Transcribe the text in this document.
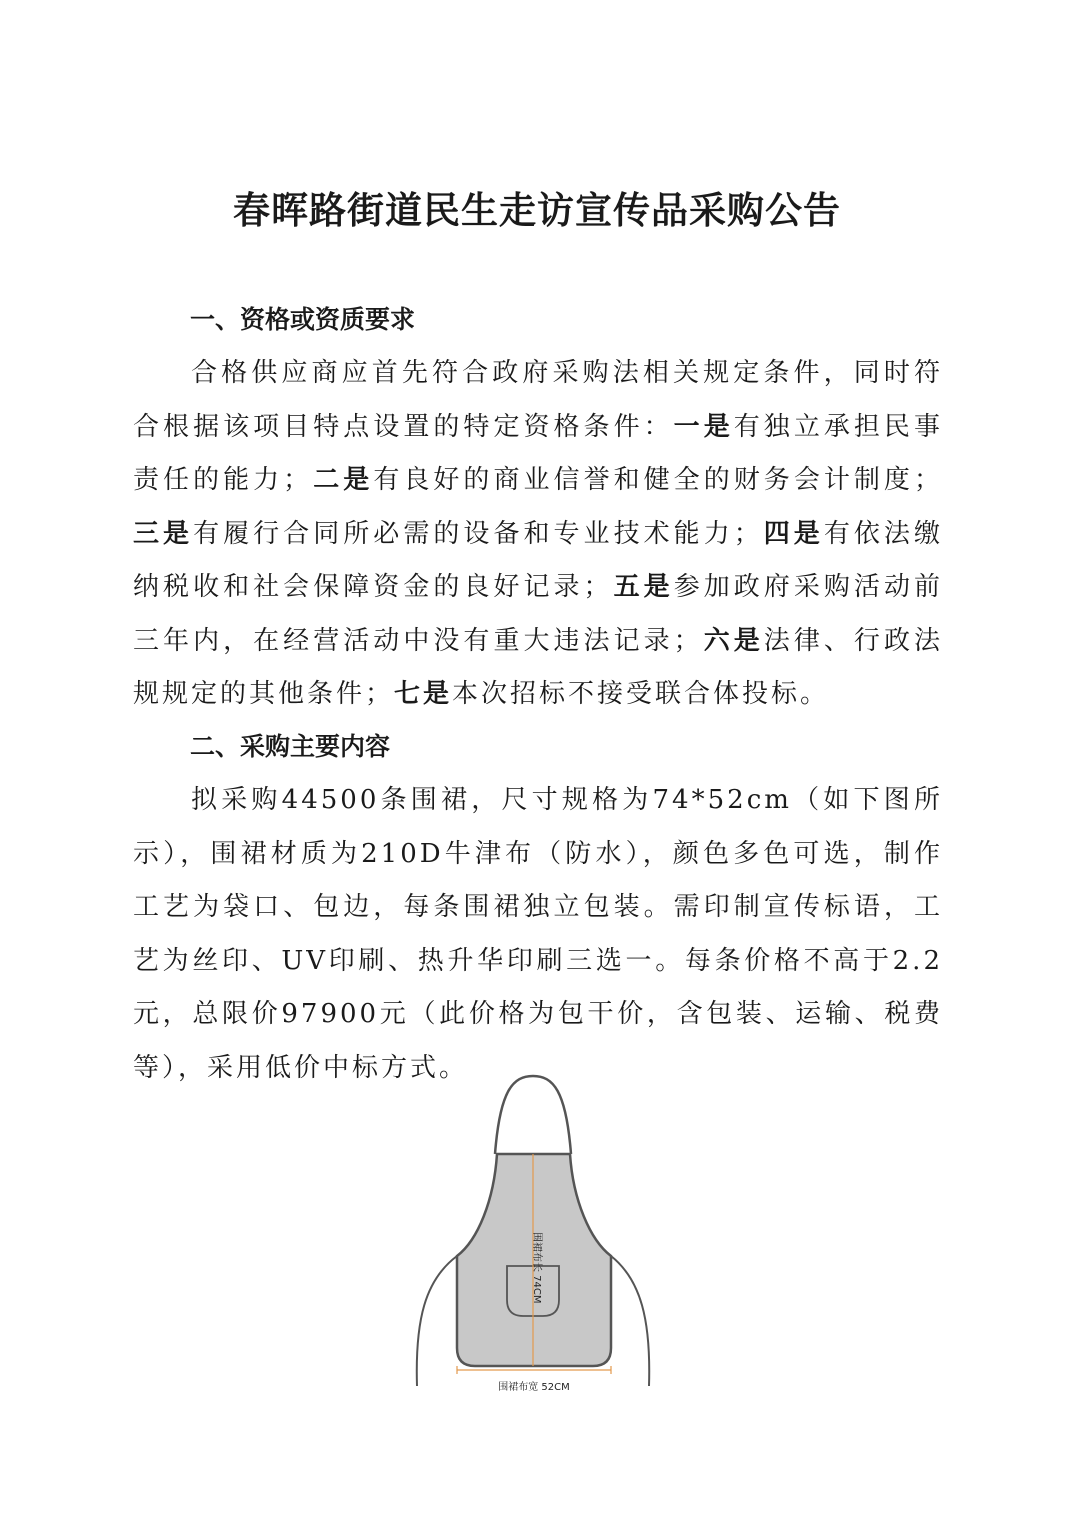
春晖路街道民生走访宣传品采购公告
一、资格或资质要求

合格供应商应首先符合政府采购法相关规定条件，同时符合根据该项目特点设置的特定资格条件：一是有独立承担民事责任的能力；二是有良好的商业信誉和健全的财务会计制度；三是有履行合同所必需的设备和专业技术能力；四是有依法缴纳税收和社会保障资金的良好记录；五是参加政府采购活动前三年内，在经营活动中没有重大违法记录；六是法律、行政法规规定的其他条件；七是本次招标不接受联合体投标。

二、采购主要内容

拟采购44500条围裙，尺寸规格为74*52cm（如下图所示），围裙材质为210D牛津布（防水），颜色多色可选，制作工艺为袋口、包边，每条围裙独立包装。需印制宣传标语，工艺为丝印、UV印刷、热升华印刷三选一。每条价格不高于2.2元，总限价97900元（此价格为包干价，含包装、运输、税费等），采用低价中标方式。

围裙布长 74CM
围裙布宽 52CM
